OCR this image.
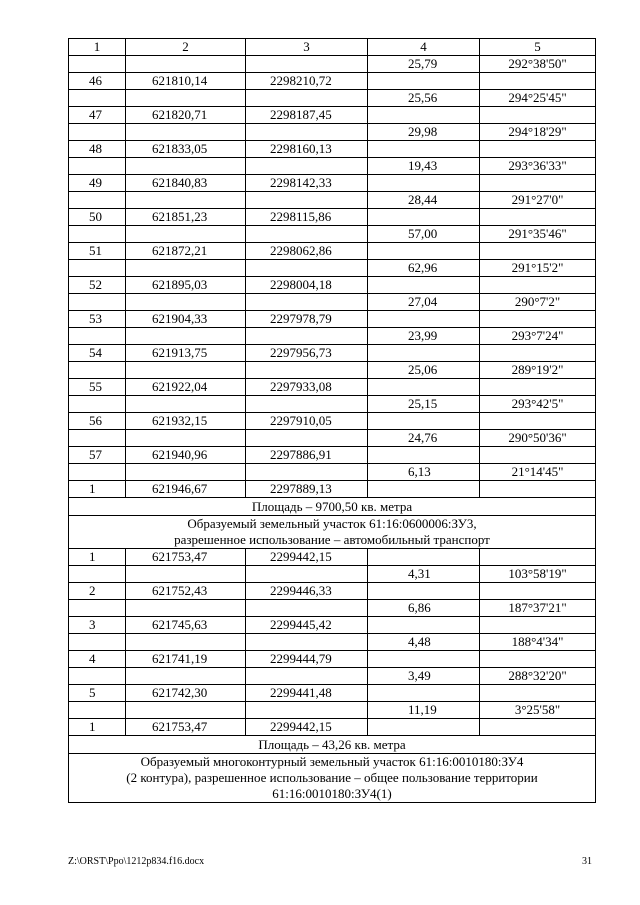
1	2	3	4	5
			25,79	292°38'50"
46	621810,14	2298210,72		
			25,56	294°25'45"
47	621820,71	2298187,45		
			29,98	294°18'29"
48	621833,05	2298160,13		
			19,43	293°36'33"
49	621840,83	2298142,33		
			28,44	291°27'0"
50	621851,23	2298115,86		
			57,00	291°35'46"
51	621872,21	2298062,86		
			62,96	291°15'2"
52	621895,03	2298004,18		
			27,04	290°7'2"
53	621904,33	2297978,79		
			23,99	293°7'24"
54	621913,75	2297956,73		
			25,06	289°19'2"
55	621922,04	2297933,08		
			25,15	293°42'5"
56	621932,15	2297910,05		
			24,76	290°50'36"
57	621940,96	2297886,91		
			6,13	21°14'45"
1	621946,67	2297889,13		
Площадь – 9700,50 кв. метра				

Образуемый земельный участок 61:16:0600006:ЗУ3,
разрешенное использование – автомобильный транспорт				

1	621753,47	2299442,15		
			4,31	103°58'19"
2	621752,43	2299446,33		
			6,86	187°37'21"
3	621745,63	2299445,42		
			4,48	188°4'34"
4	621741,19	2299444,79		
			3,49	288°32'20"
5	621742,30	2299441,48		
			11,19	3°25'58"
1	621753,47	2299442,15		
Площадь – 43,26 кв. метра				

Образуемый многоконтурный земельный участок 61:16:0010180:ЗУ4
(2 контура), разрешенное использование – общее пользование территории
61:16:0010180:ЗУ4(1)				
Z:\ORST\Ppo\1212p834.f16.docx	31
